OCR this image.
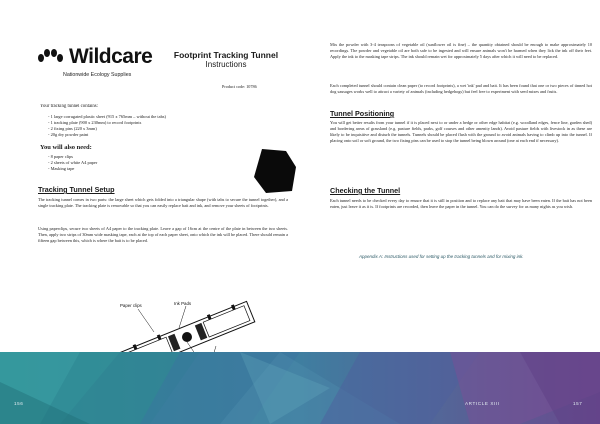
Wildcare
Nationwide Ecology Supplies
Footprint Tracking Tunnel
Instructions
Product code: 10786
Your tracking tunnel contains:
- 1 large corrugated plastic sheet (915 x 765mm – without the tabs)
- 1 tracking plate (900 x 230mm) to record footprints
- 2 fixing pins (220 x 3mm)
- 20g dry powder paint
You will also need:
- 8 paper clips
- 2 sheets of white A4 paper
- Masking tape
Tracking Tunnel Setup
The tracking tunnel comes in two parts: the large sheet which gets folded into a triangular shape (with tabs to secure the tunnel together), and a single tracking plate. The tracking plate is removable so that you can easily replace bait and ink, and remove your sheets of footprints.
Using paperclips, secure two sheets of A4 paper to the tracking plate. Leave a gap of 16cm at the centre of the plate in between the two sheets. Then, apply two strips of 30mm wide masking tape, each at the top of each paper sheet, onto which the ink will be placed. There should remain a fifteen gap between this, which is where the bait is to be placed.
Paper clips	Ink Pads
Mix the powder with 3-4 teaspoons of vegetable oil (sunflower oil is fine) – the quantity obtained should be enough to make approximately 10 recordings. The powder and vegetable oil are both safe to be ingested and will ensure animals won't be harmed when they lick the ink off their feet. Apply the ink to the masking tape strips. The ink should remain wet for approximately 5 days after which it will need to be replaced.
Each completed tunnel should contain clean paper (to record footprints), a wet 'ink' pad and bait. It has been found that one or two pieces of tinned hot dog sausages works well to attract a variety of animals (including hedgehogs) but feel free to experiment with seed mixes and fruits.
Tunnel Positioning
You will get better results from your tunnel if it is placed next to or under a hedge or other edge habitat (e.g. woodland edges, fence line, garden shed) and bordering areas of grassland (e.g. pasture fields, parks, golf courses and other amenity lands). Avoid pasture fields with livestock in as these are likely to be inquisitive and disturb the tunnels. Tunnels should be placed flush with the ground to avoid animals having to climb up into the tunnel. If placing onto soil or soft ground, the two fixing pins can be used to stop the tunnel being blown around (one at each end if necessary).
Checking the Tunnel
Each tunnel needs to be checked every day to ensure that it is still in position and to replace any bait that may have been eaten. If the bait has not been eaten, just leave it as it is. If footprints are recorded, then leave the paper in the tunnel. You can do the survey for as many nights as you wish.
Appendix A: Instructions used for setting up the tracking tunnels and for mixing ink.
156	ARTICLE XIII	157
